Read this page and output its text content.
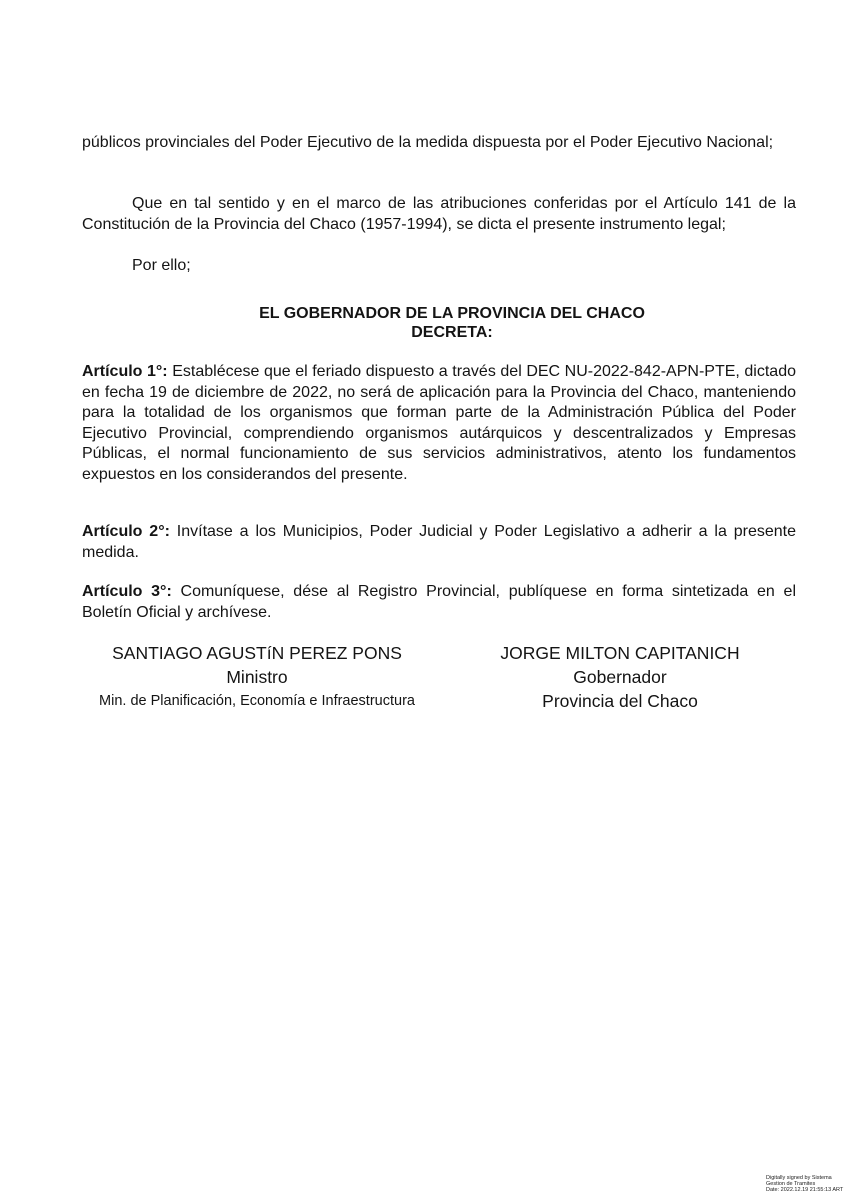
públicos provinciales del Poder Ejecutivo de la medida dispuesta por el Poder Ejecutivo Nacional;

Que en tal sentido y en el marco de las atribuciones conferidas por el Artículo 141 de la Constitución de la Provincia del Chaco (1957-1994), se dicta el presente instrumento legal;

Por ello;

EL GOBERNADOR DE LA PROVINCIA DEL CHACO

DECRETA:

Artículo 1°: Establécese que el feriado dispuesto a través del DEC NU-2022-842-APN-PTE, dictado en fecha 19 de diciembre de 2022, no será de aplicación para la Provincia del Chaco, manteniendo para la totalidad de los organismos que forman parte de la Administración Pública del Poder Ejecutivo Provincial, comprendiendo organismos autárquicos y descentralizados y Empresas Públicas, el normal funcionamiento de sus servicios administrativos, atento los fundamentos expuestos en los considerandos del presente.

Artículo 2°: Invítase a los Municipios, Poder Judicial y Poder Legislativo a adherir a la presente medida.

Artículo 3°: Comuníquese, dése al Registro Provincial, publíquese en forma sintetizada en el Boletín Oficial y archívese.

SANTIAGO AGUSTíN PEREZ PONS
Ministro
Min. de Planificación, Economía e Infraestructura
JORGE MILTON CAPITANICH
Gobernador
Provincia del Chaco
Digitally signed by Sistema
Gestion de Tramites
Date: 2022.12.19 21:55:13 ART
